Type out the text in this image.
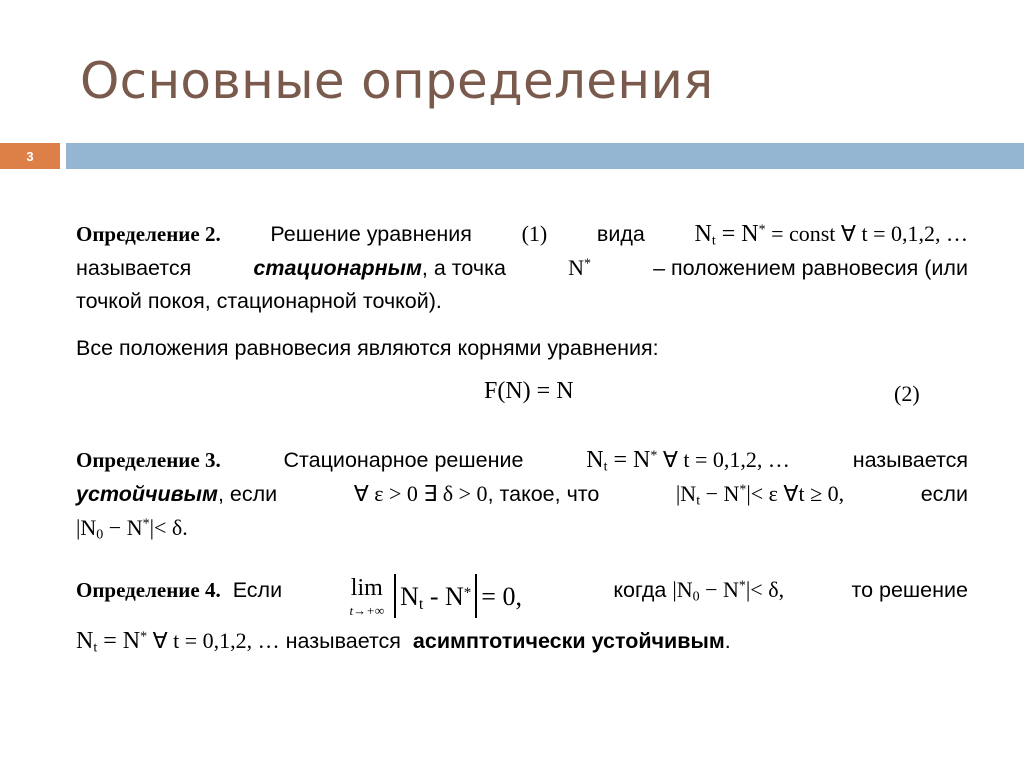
Основные определения
3
Определение 2. Решение уравнения (1) вида $N_t = N^*$ = const ∀ t = 0,1,2, …
называется	стационарным, а точка	N*	– положением равновесия (или
точкой покоя, стационарной точкой).
Все положения равновесия являются корнями уравнения:
F(N) = N	(2)
Определение 3.	Стационарное решение	$N_t = N^*$ ∀ t = 0,1,2, …	называется
устойчивым, если	∀ ε > 0 ∃ δ > 0, такое, что	$|N_t - N^*|< \varepsilon$ ∀t ≥ 0,	если
$|N_0 - N^*|< \delta$.
Определение 4. Если	lim
t→+∞ $N_t - N^* = 0$,	когда $|N_0 - N^*|< \delta$,	то решение
$N_t = N^*$ ∀ t = 0,1,2, … называется асимптотически устойчивым.
